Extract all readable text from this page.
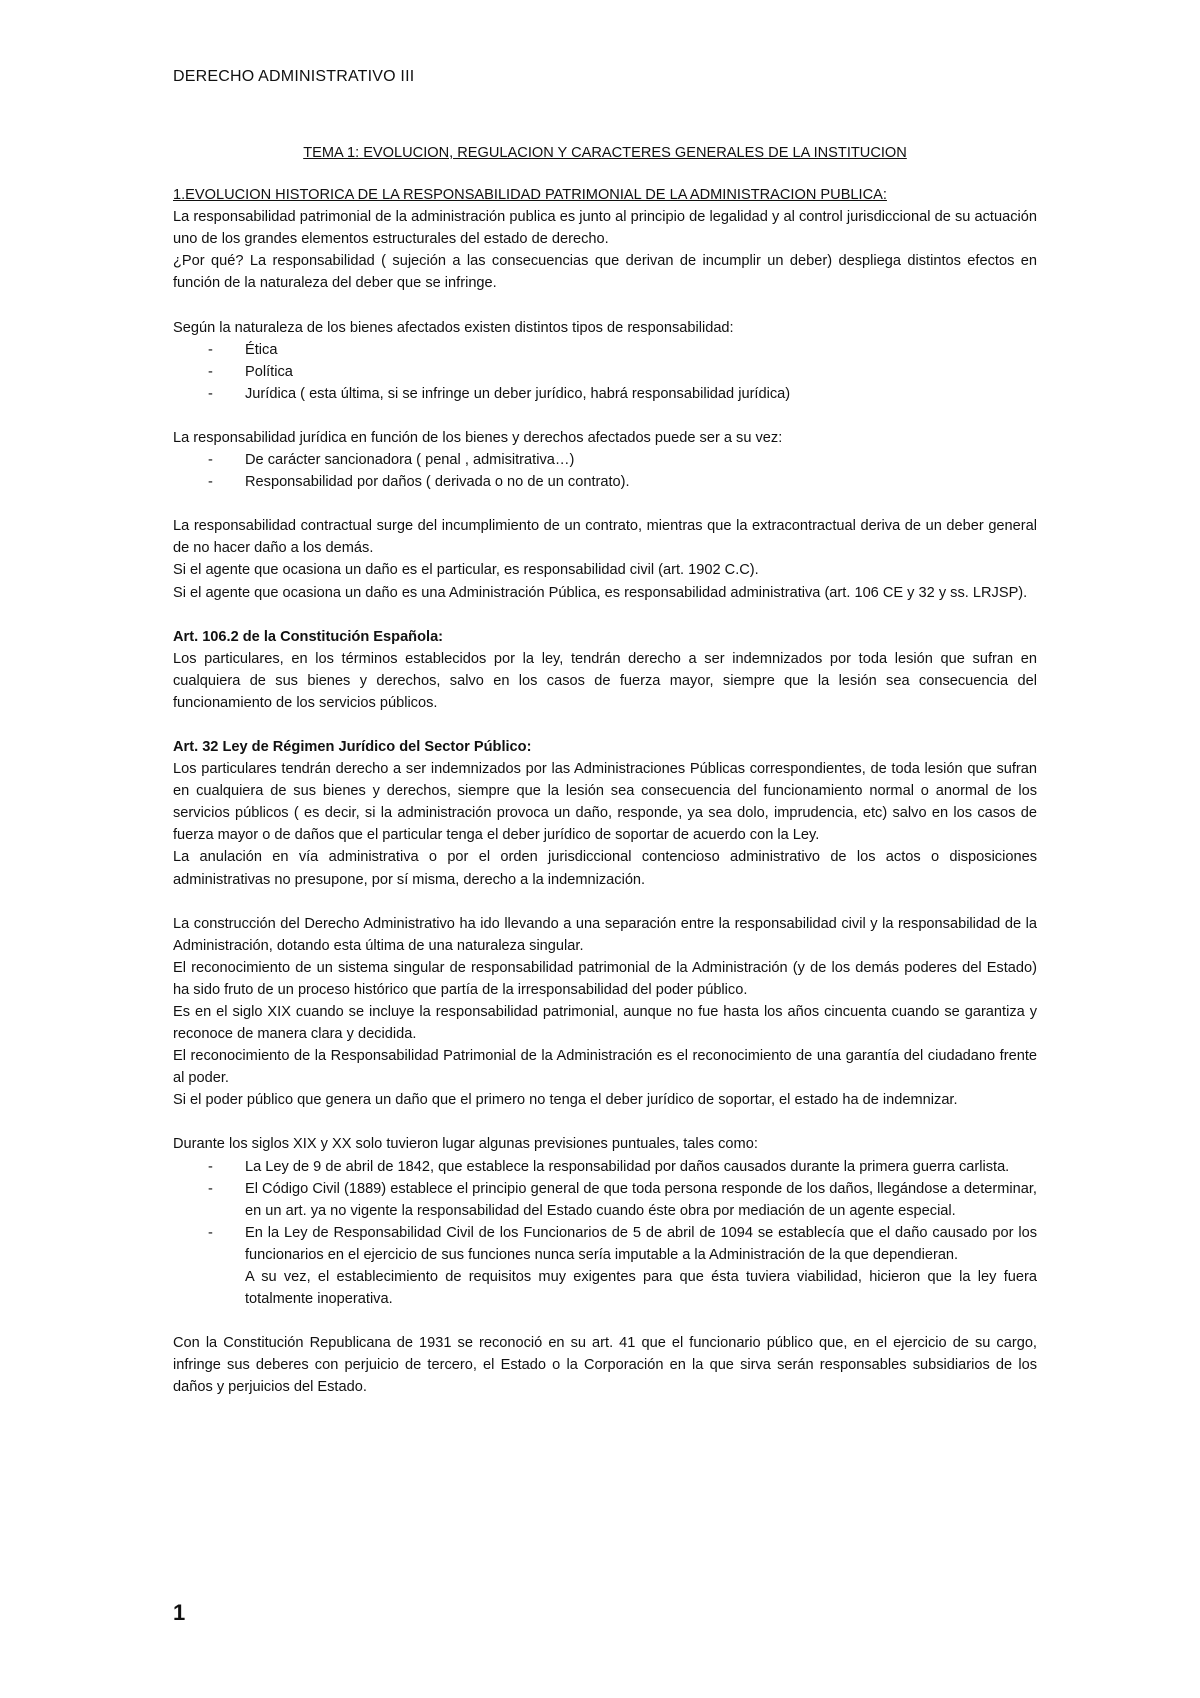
DERECHO ADMINISTRATIVO III

TEMA 1: EVOLUCION, REGULACION Y CARACTERES GENERALES DE LA INSTITUCION

1.EVOLUCION HISTORICA DE LA RESPONSABILIDAD PATRIMONIAL DE LA ADMINISTRACION PUBLICA:

La responsabilidad patrimonial de la administración publica es junto al principio de legalidad y al control jurisdiccional de su actuación uno de los grandes elementos estructurales del estado de derecho.

¿Por qué? La responsabilidad ( sujeción a las consecuencias que derivan de incumplir un deber) despliega distintos efectos en función de la naturaleza del deber que se infringe.

Según la naturaleza de los bienes afectados existen distintos tipos de responsabilidad:

- Ética
- Política
- Jurídica ( esta última, si se infringe un deber jurídico, habrá responsabilidad jurídica)

La responsabilidad jurídica en función de los bienes y derechos afectados puede ser a su vez:

- De carácter sancionadora ( penal , admisitrativa…)
- Responsabilidad por daños ( derivada o no de un contrato).

La responsabilidad contractual surge del incumplimiento de un contrato, mientras que la extracontractual deriva de un deber general de no hacer daño a los demás.

Si el agente que ocasiona un daño es el particular, es responsabilidad civil (art. 1902 C.C).

Si el agente que ocasiona un daño es una Administración Pública, es responsabilidad administrativa (art. 106 CE y 32 y ss. LRJSP).

Art. 106.2 de la Constitución Española:

Los particulares, en los términos establecidos por la ley, tendrán derecho a ser indemnizados por toda lesión que sufran en cualquiera de sus bienes y derechos, salvo en los casos de fuerza mayor, siempre que la lesión sea consecuencia del funcionamiento de los servicios públicos.

Art. 32 Ley de Régimen Jurídico del Sector Público:

Los particulares tendrán derecho a ser indemnizados por las Administraciones Públicas correspondientes, de toda lesión que sufran en cualquiera de sus bienes y derechos, siempre que la lesión sea consecuencia del funcionamiento normal o anormal de los servicios públicos ( es decir, si la administración provoca un daño, responde, ya sea dolo, imprudencia, etc) salvo en los casos de fuerza mayor o de daños que el particular tenga el deber jurídico de soportar de acuerdo con la Ley.

La anulación en vía administrativa o por el orden jurisdiccional contencioso administrativo de los actos o disposiciones administrativas no presupone, por sí misma, derecho a la indemnización.

La construcción del Derecho Administrativo ha ido llevando a una separación entre la responsabilidad civil y la responsabilidad de la Administración, dotando esta última de una naturaleza singular.

El reconocimiento de un sistema singular de responsabilidad patrimonial de la Administración (y de los demás poderes del Estado) ha sido fruto de un proceso histórico que partía de la irresponsabilidad del poder público.

Es en el siglo XIX cuando se incluye la responsabilidad patrimonial, aunque no fue hasta los años cincuenta cuando se garantiza y reconoce de manera clara y decidida.

El reconocimiento de la Responsabilidad Patrimonial de la Administración es el reconocimiento de una garantía del ciudadano frente al poder.

Si el poder público que genera un daño que el primero no tenga el deber jurídico de soportar, el estado ha de indemnizar.

Durante los siglos XIX y XX solo tuvieron lugar algunas previsiones puntuales, tales como:

- La Ley de 9 de abril de 1842, que establece la responsabilidad por daños causados durante la primera guerra carlista.
- El Código Civil (1889) establece el principio general de que toda persona responde de los daños, llegándose a determinar, en un art. ya no vigente la responsabilidad del Estado cuando éste obra por mediación de un agente especial.
- En la Ley de Responsabilidad Civil de los Funcionarios de 5 de abril de 1094 se establecía que el daño causado por los funcionarios en el ejercicio de sus funciones nunca sería imputable a la Administración de la que dependieran.
A su vez, el establecimiento de requisitos muy exigentes para que ésta tuviera viabilidad, hicieron que la ley fuera totalmente inoperativa.

Con la Constitución Republicana de 1931 se reconoció en su art. 41 que el funcionario público que, en el ejercicio de su cargo, infringe sus deberes con perjuicio de tercero, el Estado o la Corporación en la que sirva serán responsables subsidiarios de los daños y perjuicios del Estado.

1
